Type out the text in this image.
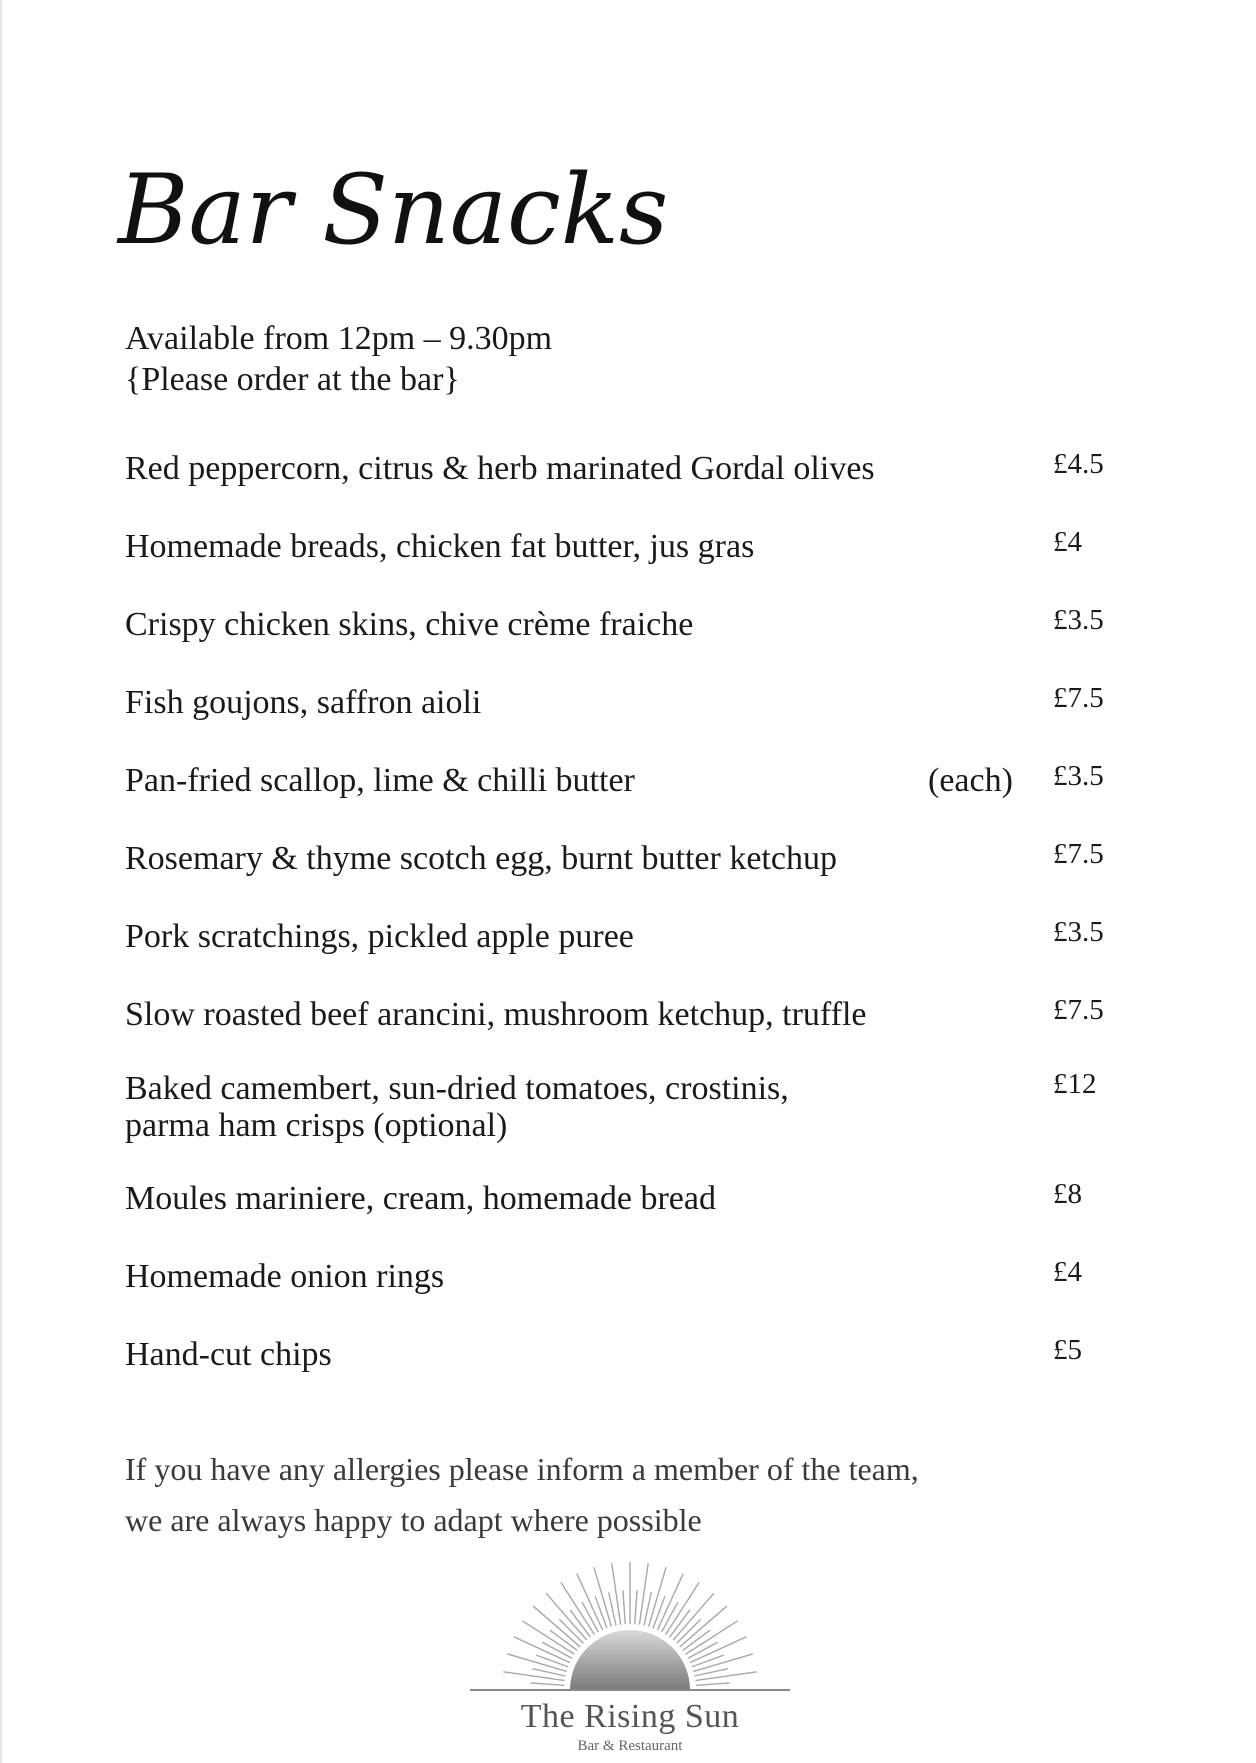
Bar Snacks
Available from 12pm – 9.30pm
{Please order at the bar}
Red peppercorn, citrus & herb marinated Gordal olives	£4.5
Homemade breads, chicken fat butter, jus gras	£4
Crispy chicken skins, chive crème fraiche	£3.5
Fish goujons, saffron aioli	£7.5
Pan-fried scallop, lime & chilli butter	(each) £3.5
Rosemary & thyme scotch egg, burnt butter ketchup	£7.5
Pork scratchings, pickled apple puree	£3.5
Slow roasted beef arancini, mushroom ketchup, truffle	£7.5
Baked camembert, sun-dried tomatoes, crostinis,
parma ham crisps (optional)
£12
Moules mariniere, cream, homemade bread	£8
Homemade onion rings	£4
Hand-cut chips	£5
If you have any allergies please inform a member of the team,
we are always happy to adapt where possible
The Rising Sun
Bar & Restaurant
